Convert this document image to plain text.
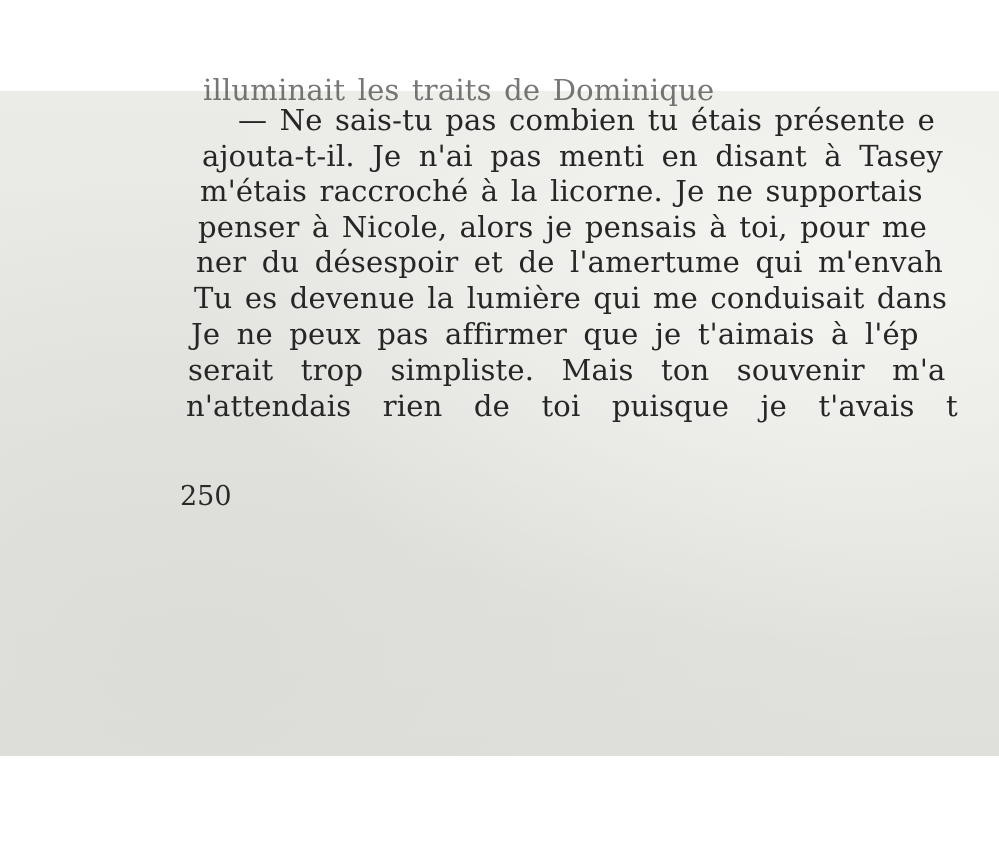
illuminait les traits de Dominique
— Ne sais-tu pas combien tu étais présente e
ajouta-t-il. Je n'ai pas menti en disant à Tasey
m'étais raccroché à la licorne. Je ne supportais
penser à Nicole, alors je pensais à toi, pour me
ner du désespoir et de l'amertume qui m'envah
Tu es devenue la lumière qui me conduisait dans
Je ne peux pas affirmer que je t'aimais à l'ép
serait trop simpliste. Mais ton souvenir m'a
n'attendais rien de toi puisque je t'avais t
250
